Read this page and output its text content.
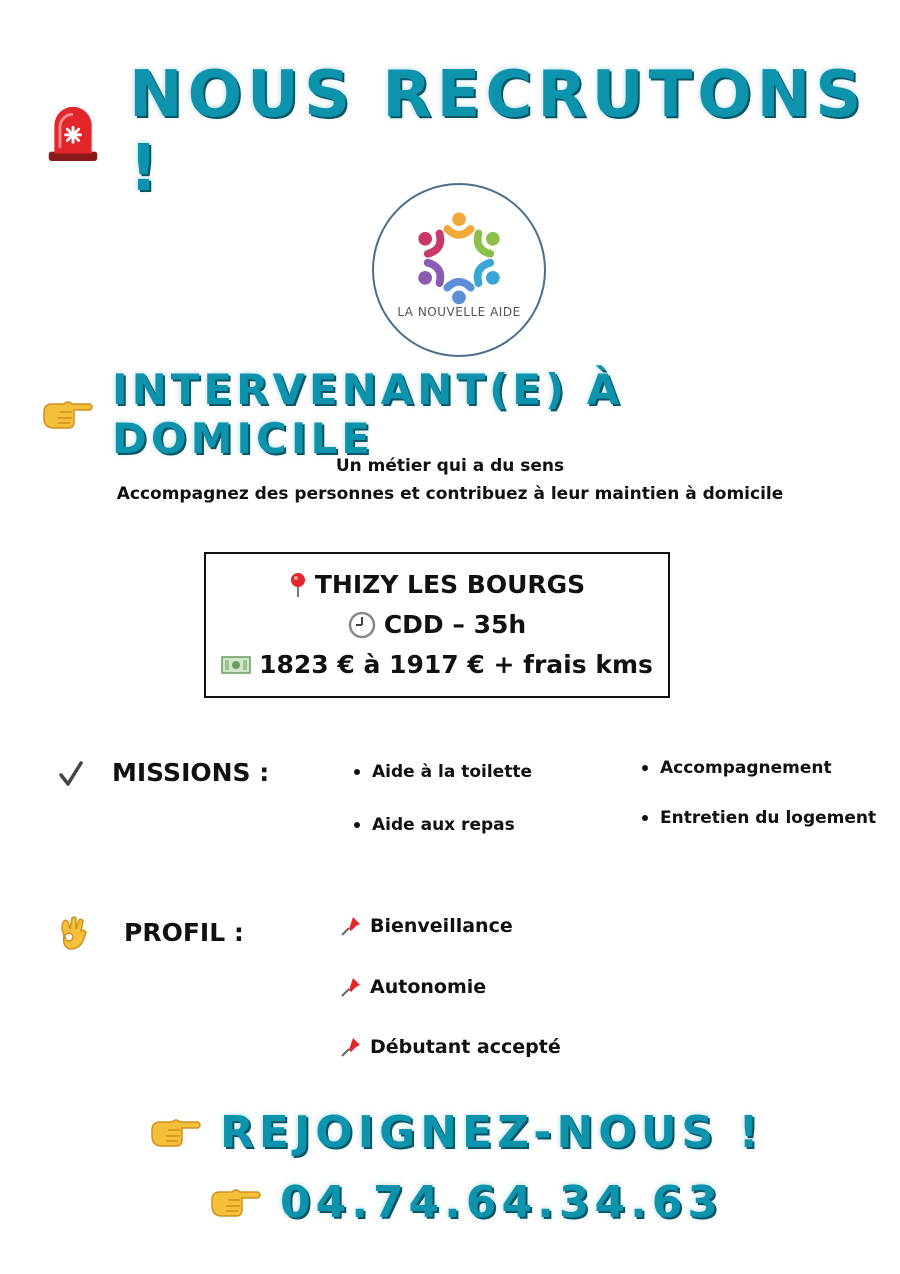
NOUS RECRUTONS !
LA NOUVELLE AIDE
INTERVENANT(E) À DOMICILE
Un métier qui a du sens
Accompagnez des personnes et contribuez à leur maintien à domicile
THIZY LES BOURGS
CDD – 35h
1823 € à 1917 € + frais kms
MISSIONS :	Aide à la toilette
Aide aux repas
Accompagnement
Entretien du logement
PROFIL :	Bienveillance
Autonomie
Débutant accepté
REJOIGNEZ-NOUS !
04.74.64.34.63
